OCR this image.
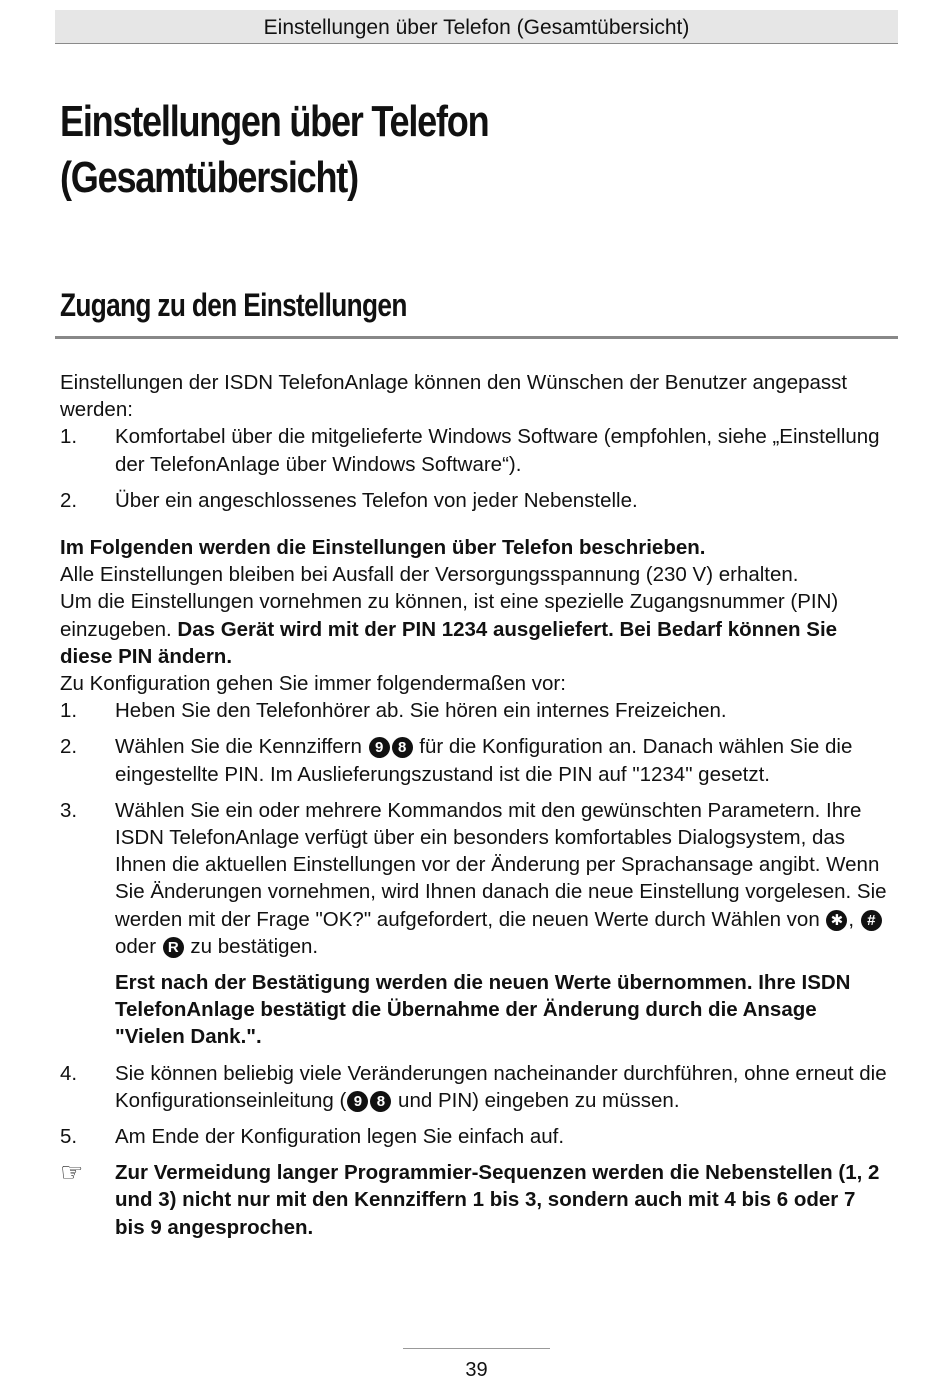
Einstellungen über Telefon (Gesamtübersicht)
Einstellungen über Telefon
(Gesamtübersicht)
Zugang zu den Einstellungen

Einstellungen der ISDN TelefonAnlage können den Wünschen der Benutzer angepasst werden:

1.	Komfortabel über die mitgelieferte Windows Software (empfohlen, siehe „Einstellung der TelefonAnlage über Windows Software“).
2.	Über ein angeschlossenes Telefon von jeder Nebenstelle.

Im Folgenden werden die Einstellungen über Telefon beschrieben.

Alle Einstellungen bleiben bei Ausfall der Versorgungsspannung (230 V) erhalten.

Um die Einstellungen vornehmen zu können, ist eine spezielle Zugangsnummer (PIN) einzugeben. Das Gerät wird mit der PIN 1234 ausgeliefert. Bei Bedarf können Sie diese PIN ändern.

Zu Konfiguration gehen Sie immer folgendermaßen vor:

1.	Heben Sie den Telefonhörer ab. Sie hören ein internes Freizeichen.
2.	Wählen Sie die Kennziffern 9 8 für die Konfiguration an. Danach wählen Sie die eingestellte PIN. Im Auslieferungszustand ist die PIN auf "1234" gesetzt.
3.	Wählen Sie ein oder mehrere Kommandos mit den gewünschten Parametern. Ihre ISDN TelefonAnlage verfügt über ein besonders komfortables Dialogsystem, das Ihnen die aktuellen Einstellungen vor der Änderung per Sprachansage angibt. Wenn Sie Änderungen vornehmen, wird Ihnen danach die neue Einstellung vorgelesen. Sie werden mit der Frage "OK?" aufgefordert, die neuen Werte durch Wählen von ✱ , # oder R zu bestätigen.

Erst nach der Bestätigung werden die neuen Werte übernommen. Ihre ISDN TelefonAnlage bestätigt die Übernahme der Änderung durch die Ansage "Vielen Dank.".

4.	Sie können beliebig viele Veränderungen nacheinander durchführen, ohne erneut die Konfigurationseinleitung ( 9 8 und PIN) eingeben zu müssen.
5.	Am Ende der Konfiguration legen Sie einfach auf.
☞	Zur Vermeidung langer Programmier-Sequenzen werden die Nebenstellen (1, 2 und 3) nicht nur mit den Kennziffern 1 bis 3, sondern auch mit 4 bis 6 oder 7 bis 9 angesprochen.
39
